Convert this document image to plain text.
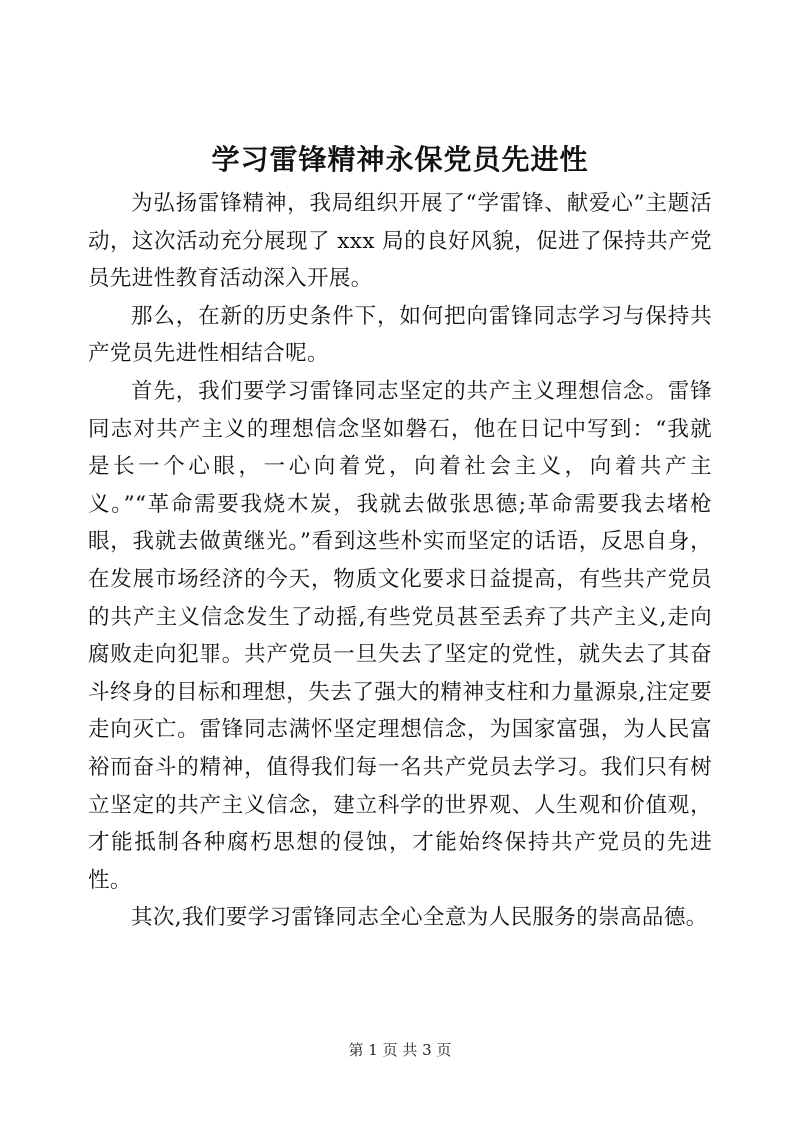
学习雷锋精神永保党员先进性

为弘扬雷锋精神，我局组织开展了“学雷锋、献爱心”主题活动，这次活动充分展现了 xxx 局的良好风貌，促进了保持共产党员先进性教育活动深入开展。

那么，在新的历史条件下，如何把向雷锋同志学习与保持共产党员先进性相结合呢。

首先，我们要学习雷锋同志坚定的共产主义理想信念。雷锋同志对共产主义的理想信念坚如磐石，他在日记中写到：“我就是长一个心眼，一心向着党，向着社会主义，向着共产主义。”“革命需要我烧木炭，我就去做张思德;革命需要我去堵枪眼，我就去做黄继光。”看到这些朴实而坚定的话语，反思自身，在发展市场经济的今天，物质文化要求日益提高，有些共产党员的共产主义信念发生了动摇,有些党员甚至丢弃了共产主义,走向腐败走向犯罪。共产党员一旦失去了坚定的党性，就失去了其奋斗终身的目标和理想，失去了强大的精神支柱和力量源泉,注定要走向灭亡。雷锋同志满怀坚定理想信念，为国家富强，为人民富裕而奋斗的精神，值得我们每一名共产党员去学习。我们只有树立坚定的共产主义信念，建立科学的世界观、人生观和价值观，才能抵制各种腐朽思想的侵蚀，才能始终保持共产党员的先进性。

其次,我们要学习雷锋同志全心全意为人民服务的崇高品德。

第 1 页 共 3 页
